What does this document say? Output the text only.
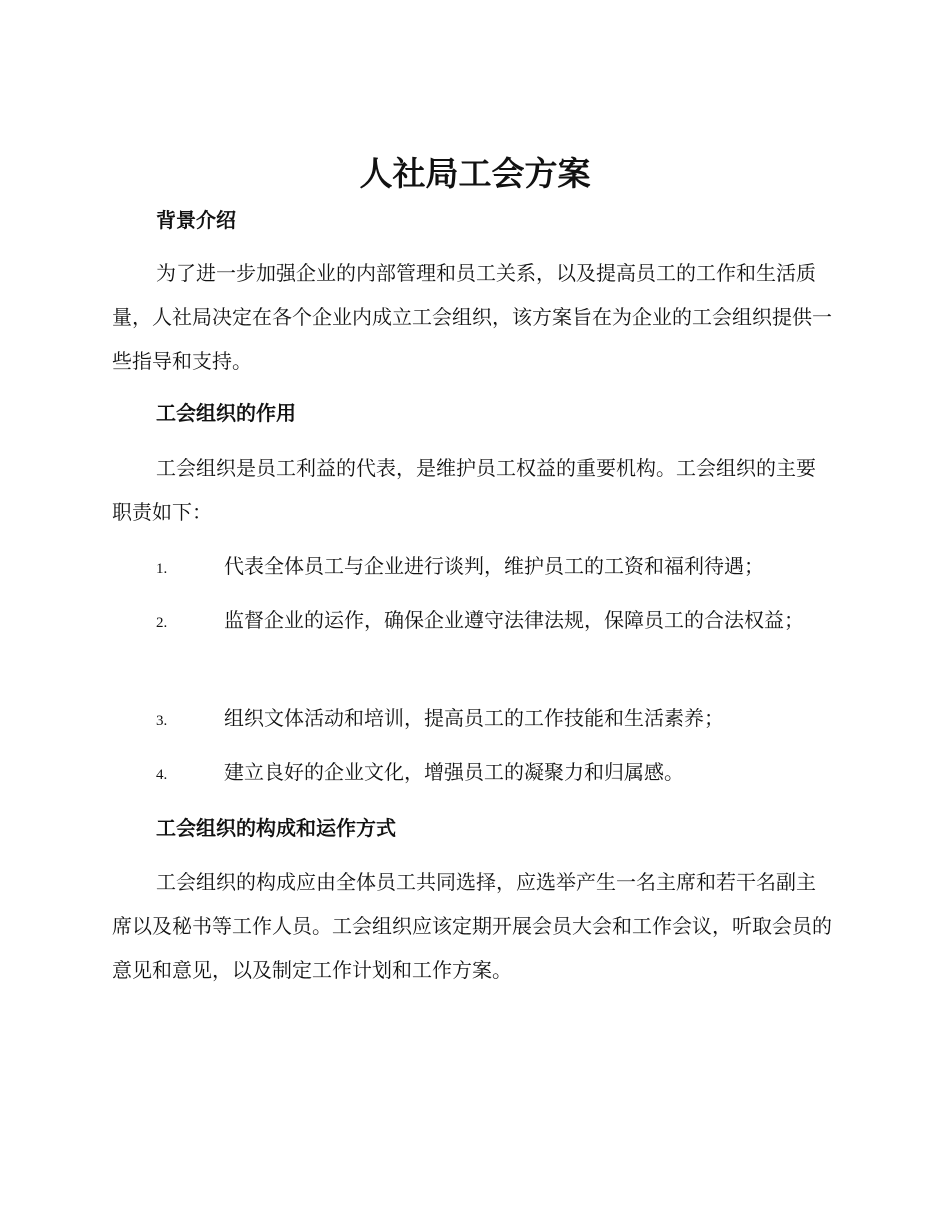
人社局工会方案
背景介绍

为了进一步加强企业的内部管理和员工关系，以及提高员工的工作和生活质量，人社局决定在各个企业内成立工会组织，该方案旨在为企业的工会组织提供一些指导和支持。

工会组织的作用

工会组织是员工利益的代表，是维护员工权益的重要机构。工会组织的主要职责如下：

1.	代表全体员工与企业进行谈判，维护员工的工资和福利待遇；
2.	监督企业的运作，确保企业遵守法律法规，保障员工的合法权益；
3.	组织文体活动和培训，提高员工的工作技能和生活素养；
4.	建立良好的企业文化，增强员工的凝聚力和归属感。
工会组织的构成和运作方式

工会组织的构成应由全体员工共同选择，应选举产生一名主席和若干名副主席以及秘书等工作人员。工会组织应该定期开展会员大会和工作会议，听取会员的意见和意见，以及制定工作计划和工作方案。
